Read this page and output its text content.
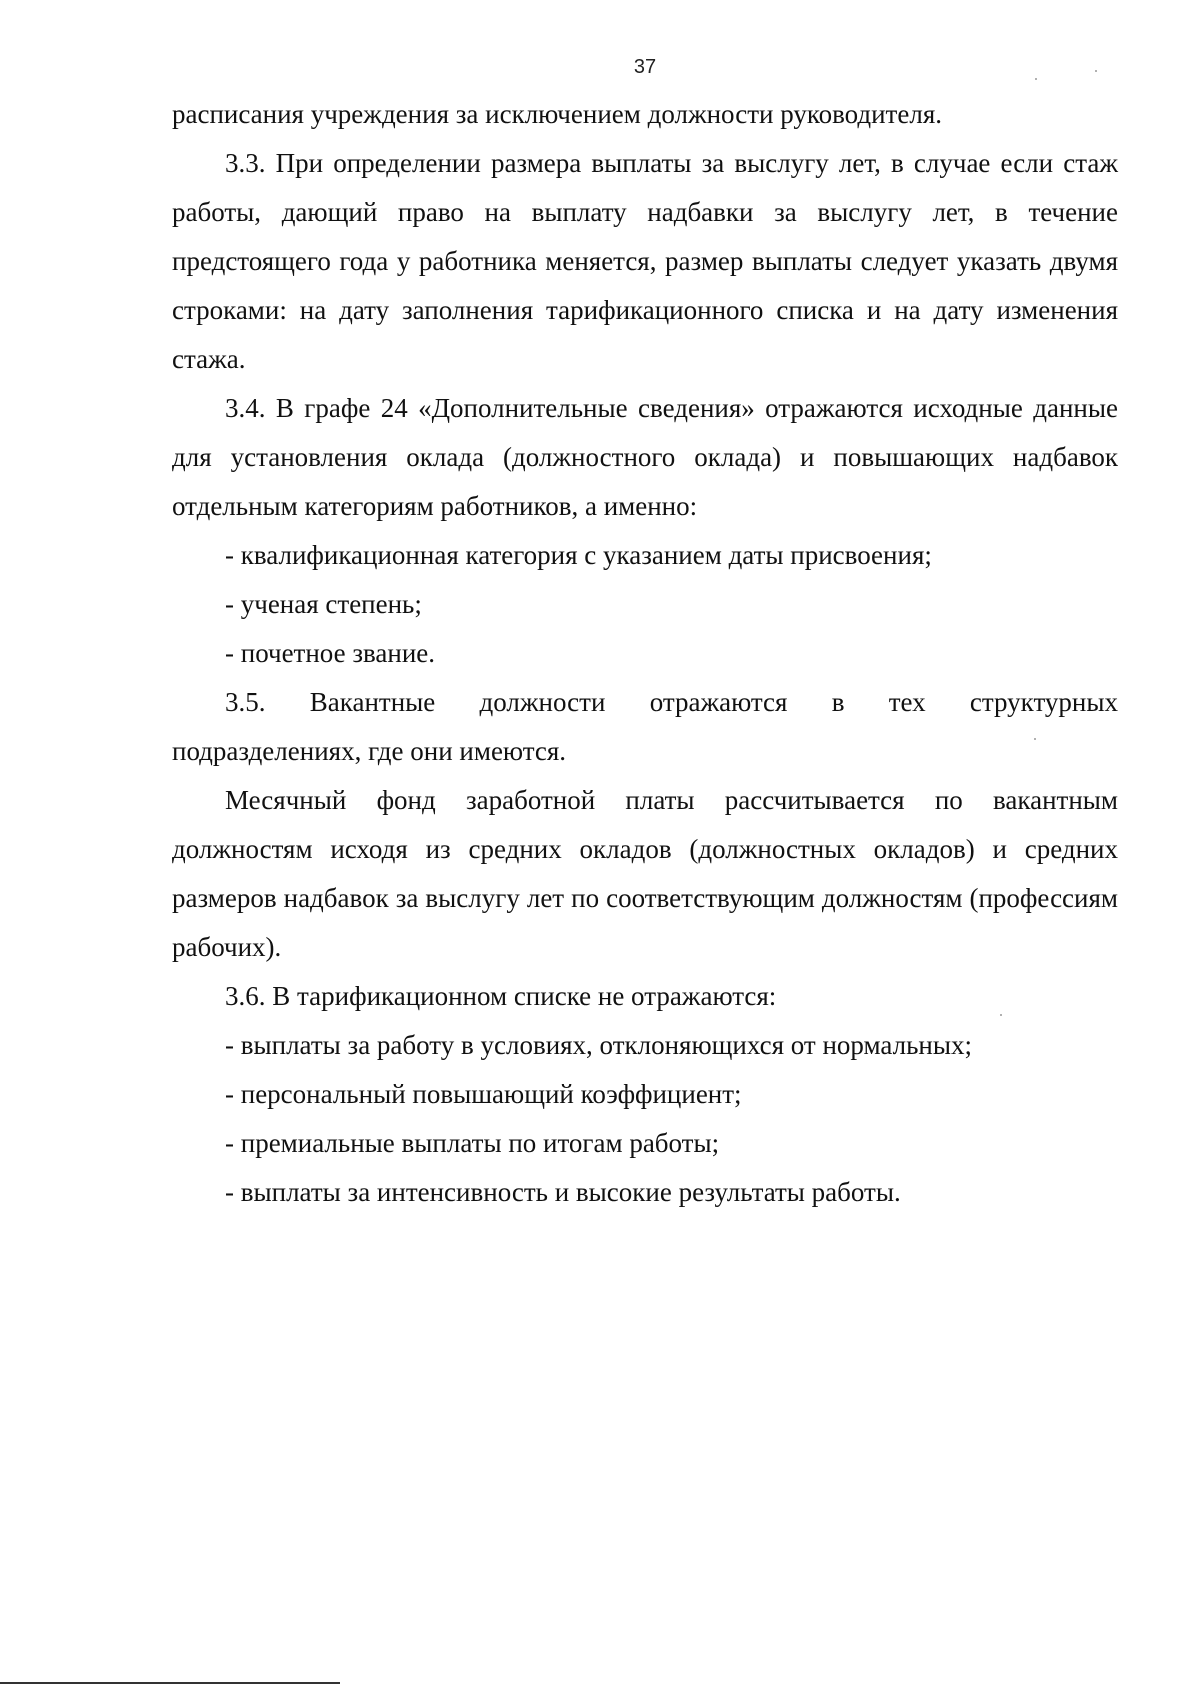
37

расписания учреждения за исключением должности руководителя.

3.3. При определении размера выплаты за выслугу лет, в случае если стаж работы, дающий право на выплату надбавки за выслугу лет, в течение предстоящего года у работника меняется, размер выплаты следует указать двумя строками: на дату заполнения тарификационного списка и на дату изменения стажа.

3.4. В графе 24 «Дополнительные сведения» отражаются исходные данные для установления оклада (должностного оклада) и повышающих надбавок отдельным категориям работников, а именно:

- квалификационная категория с указанием даты присвоения;

- ученая степень;

- почетное звание.

3.5. Вакантные должности отражаются в тех структурных

подразделениях, где они имеются.

Месячный фонд заработной платы рассчитывается по вакантным должностям исходя из средних окладов (должностных окладов) и средних размеров надбавок за выслугу лет по соответствующим должностям (профессиям рабочих).

3.6. В тарификационном списке не отражаются:

- выплаты за работу в условиях, отклоняющихся от нормальных;

- персональный повышающий коэффициент;

- премиальные выплаты по итогам работы;

- выплаты за интенсивность и высокие результаты работы.
